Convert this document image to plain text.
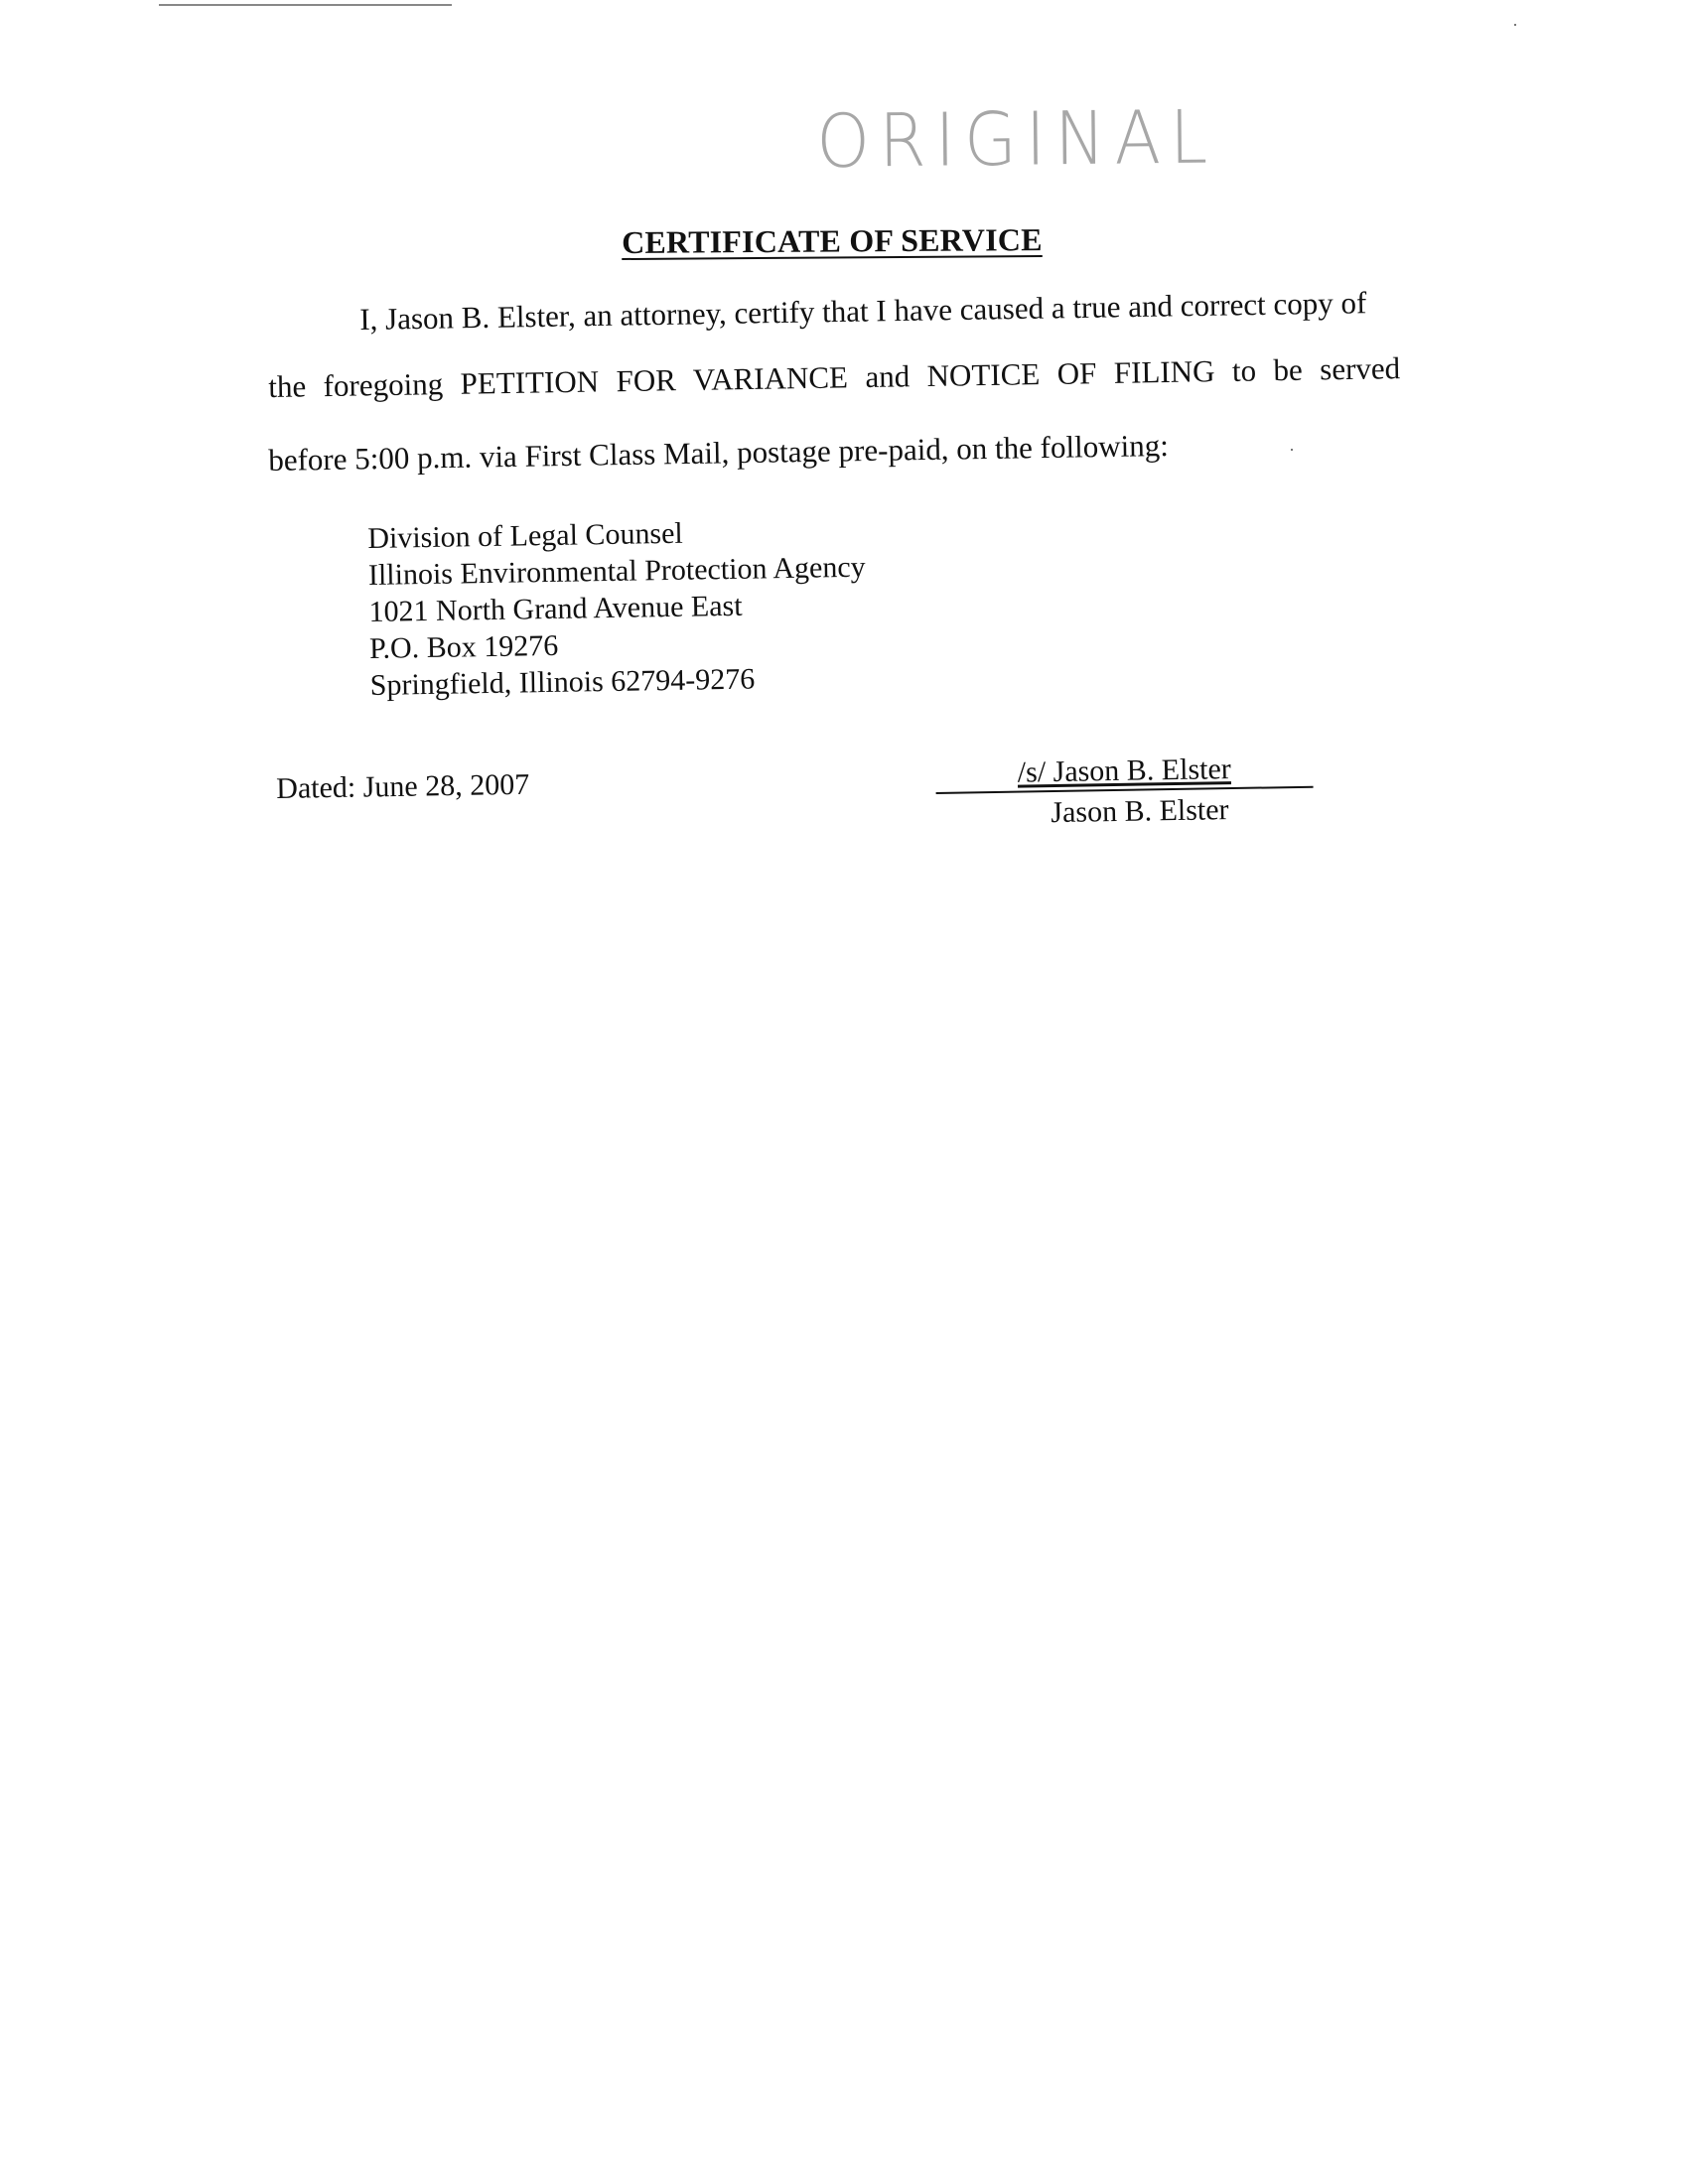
ORIGINAL
CERTIFICATE OF SERVICE
I, Jason B. Elster, an attorney, certify that I have caused a true and correct copy of
the foregoing PETITION FOR VARIANCE and NOTICE OF FILING to be served
before 5:00 p.m. via First Class Mail, postage pre-paid, on the following:
Division of Legal Counsel
Illinois Environmental Protection Agency
1021 North Grand Avenue East
P.O. Box 19276
Springfield, Illinois 62794-9276
Dated: June 28, 2007	/s/ Jason B. Elster
Jason B. Elster
